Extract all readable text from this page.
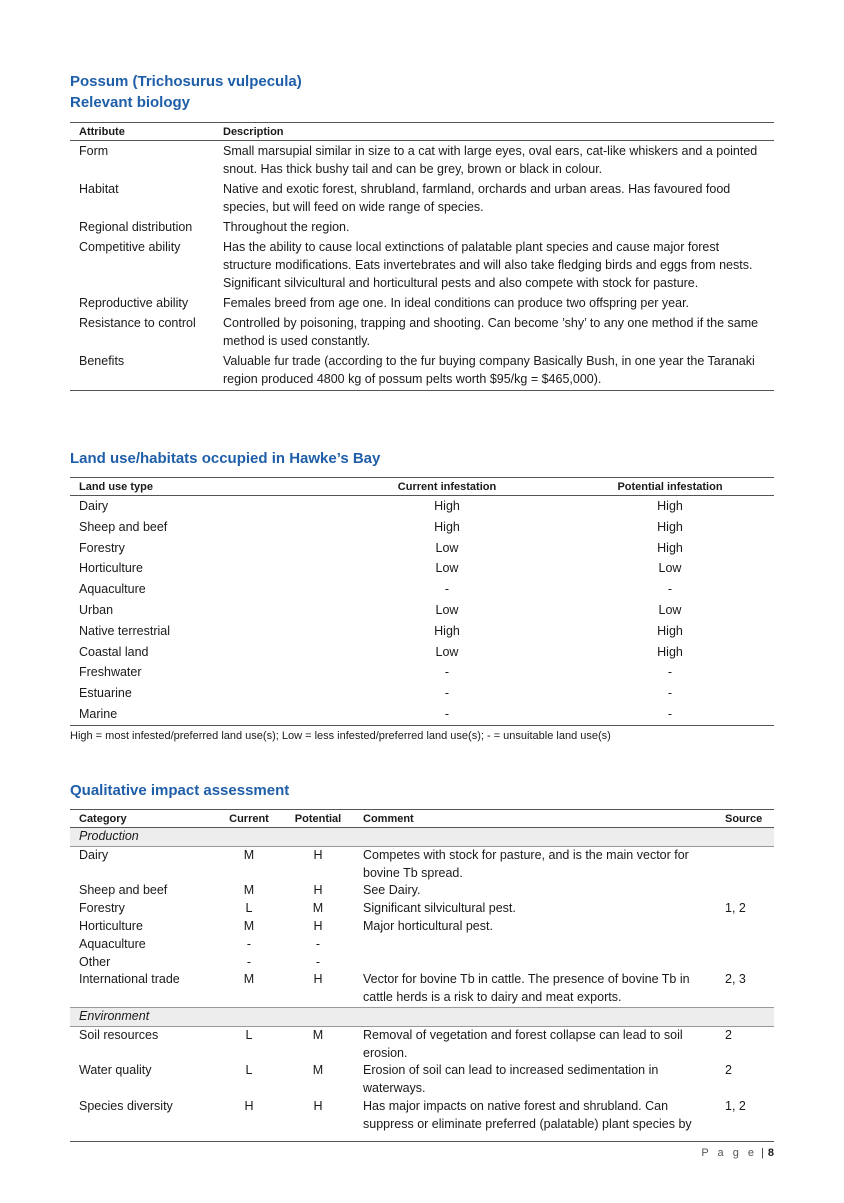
Possum (Trichosurus vulpecula)

Relevant biology

Attribute	Description
Form	Small marsupial similar in size to a cat with large eyes, oval ears, cat-like whiskers and a pointed snout. Has thick bushy tail and can be grey, brown or black in colour.
Habitat	Native and exotic forest, shrubland, farmland, orchards and urban areas. Has favoured food species, but will feed on wide range of species.
Regional distribution	Throughout the region.
Competitive ability	Has the ability to cause local extinctions of palatable plant species and cause major forest structure modifications. Eats invertebrates and will also take fledging birds and eggs from nests. Significant silvicultural and horticultural pests and also compete with stock for pasture.
Reproductive ability	Females breed from age one. In ideal conditions can produce two offspring per year.
Resistance to control	Controlled by poisoning, trapping and shooting. Can become ’shy’ to any one method if the same method is used constantly.
Benefits	Valuable fur trade (according to the fur buying company Basically Bush, in one year the Taranaki region produced 4800 kg of possum pelts worth $95/kg = $465,000).

Land use/habitats occupied in Hawke’s Bay

Land use type	Current infestation	Potential infestation
Dairy	High	High
Sheep and beef	High	High
Forestry	Low	High
Horticulture	Low	Low
Aquaculture	-	-
Urban	Low	Low
Native terrestrial	High	High
Coastal land	Low	High
Freshwater	-	-
Estuarine	-	-
Marine	-	-
High = most infested/preferred land use(s); Low = less infested/preferred land use(s); - = unsuitable land use(s)

Qualitative impact assessment

Category	Current	Potential	Comment	Source
Production				
Dairy	M	H	Competes with stock for pasture, and is the main vector for bovine Tb spread.	
Sheep and beef	M	H	See Dairy.	
Forestry	L	M	Significant silvicultural pest.	1, 2
Horticulture	M	H	Major horticultural pest.	
Aquaculture	-	-		
Other	-	-		
International trade	M	H	Vector for bovine Tb in cattle. The presence of bovine Tb in cattle herds is a risk to dairy and meat exports.	2, 3
Environment				
Soil resources	L	M	Removal of vegetation and forest collapse can lead to soil erosion.	2
Water quality	L	M	Erosion of soil can lead to increased sedimentation in waterways.	2
Species diversity	H	H	Has major impacts on native forest and shrubland. Can suppress or eliminate preferred (palatable) plant species by	1, 2
P a g e | 8
